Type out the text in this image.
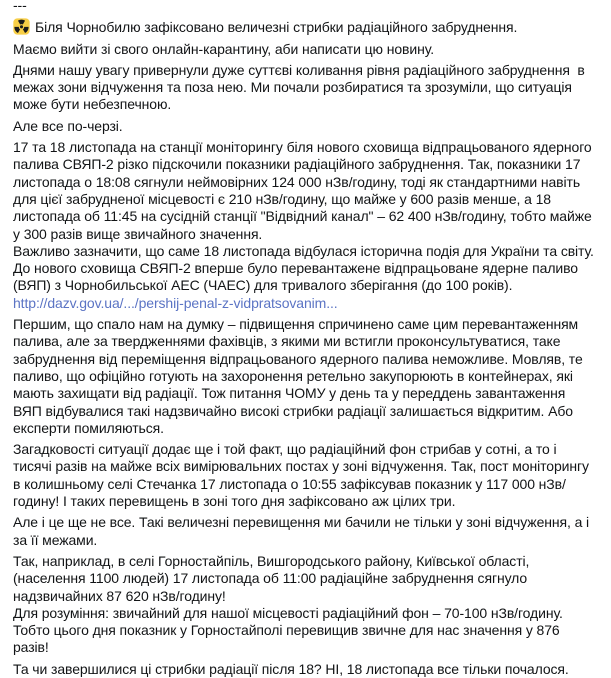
---
Біля Чорнобилю зафіксовано величезні стрибки радіаційного забруднення.
Маємо вийти зі свого онлайн-карантину, аби написати цю новину.
Днями нашу увагу привернули дуже суттєві коливання рівня радіаційного забруднення  в межах зони відчуження та поза нею. Ми почали розбиратися та зрозуміли, що ситуація може бути небезпечною.
Але все по-черзі.
17 та 18 листопада на станції моніторингу біля нового сховища відпрацьованого ядерного палива СВЯП-2 різко підскочили показники радіаційного забруднення. Так, показники 17 листопада о 18:08 сягнули неймовірних 124 000 нЗв/годину, тоді як стандартними навіть для цієї забрудненої місцевості є 210 нЗв/годину, що майже у 600 разів менше, а 18 листопада об 11:45 на сусідній станції "Відвідний канал" – 62 400 нЗв/годину, тобто майже у 300 разів вище звичайного значення.
Важливо зазначити, що саме 18 листопада відбулася історична подія для України та світу. До нового сховища СВЯП-2 вперше було перевантажене відпрацьоване ядерне паливо (ВЯП) з Чорнобильської АЕС (ЧАЕС) для тривалого зберігання (до 100 років).
http://dazv.gov.ua/.../pershij-penal-z-vidpratsovanim...
Першим, що спало нам на думку – підвищення спричинено саме цим перевантаженням палива, але за твердженнями фахівців, з якими ми встигли проконсультуватися, таке забруднення від переміщення відпрацьованого ядерного палива неможливе. Мовляв, те паливо, що офіційно готують на захоронення ретельно закупорюють в контейнерах, які мають захищати від радіації. Тож питання ЧОМУ у день та у переддень завантаження ВЯП відбувалися такі надзвичайно високі стрибки радіації залишається відкритим. Або експерти помиляються.
Загадковості ситуації додає ще і той факт, що радіаційний фон стрибав у сотні, а то і тисячі разів на майже всіх вимірювальних постах у зоні відчуження. Так, пост моніторингу в колишньому селі Стечанка 17 листопада о 10:55 зафіксував показник у 117 000 нЗв/годину! І таких перевищень в зоні того дня зафіксовано аж цілих три.
Але і це ще не все. Такі величезні перевищення ми бачили не тільки у зоні відчуження, а і за її межами.
Так, наприклад, в селі Горностайпіль, Вишгородського району, Київської області, (населення 1100 людей) 17 листопада об 11:00 радіаційне забруднення сягнуло надзвичайних 87 620 нЗв/годину!
Для розуміння: звичайний для нашої місцевості радіаційний фон – 70-100 нЗв/годину. Тобто цього дня показник у Горностайполі перевищив звичне для нас значення у 876 разів!
Та чи завершилися ці стрибки радіації після 18? НІ, 18 листопада все тільки почалося.
